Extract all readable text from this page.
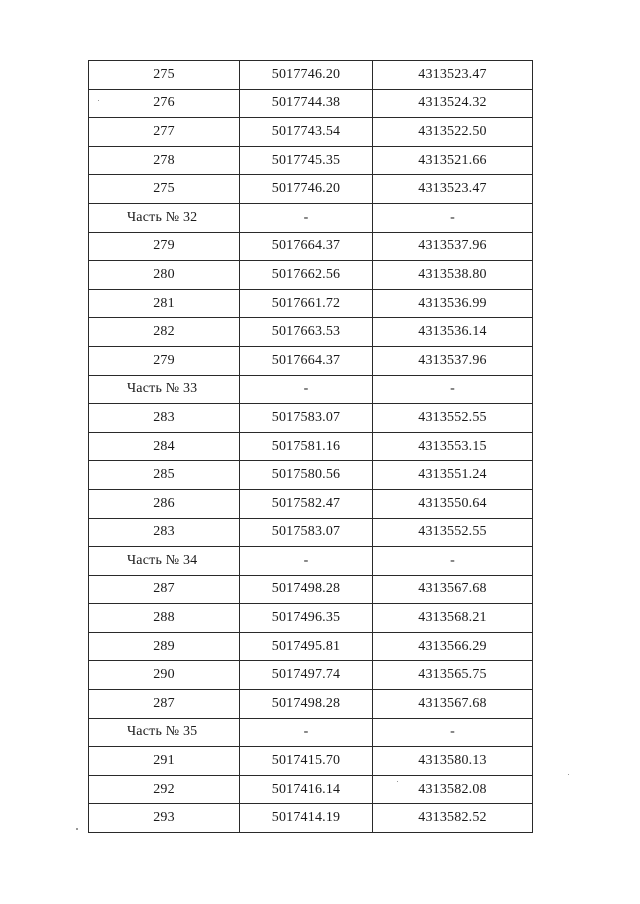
275	5017746.20	4313523.47
276	5017744.38	4313524.32
277	5017743.54	4313522.50
278	5017745.35	4313521.66
275	5017746.20	4313523.47
Часть № 32	-	-
279	5017664.37	4313537.96
280	5017662.56	4313538.80
281	5017661.72	4313536.99
282	5017663.53	4313536.14
279	5017664.37	4313537.96
Часть № 33	-	-
283	5017583.07	4313552.55
284	5017581.16	4313553.15
285	5017580.56	4313551.24
286	5017582.47	4313550.64
283	5017583.07	4313552.55
Часть № 34	-	-
287	5017498.28	4313567.68
288	5017496.35	4313568.21
289	5017495.81	4313566.29
290	5017497.74	4313565.75
287	5017498.28	4313567.68
Часть № 35	-	-
291	5017415.70	4313580.13
292	5017416.14	4313582.08
293	5017414.19	4313582.52
